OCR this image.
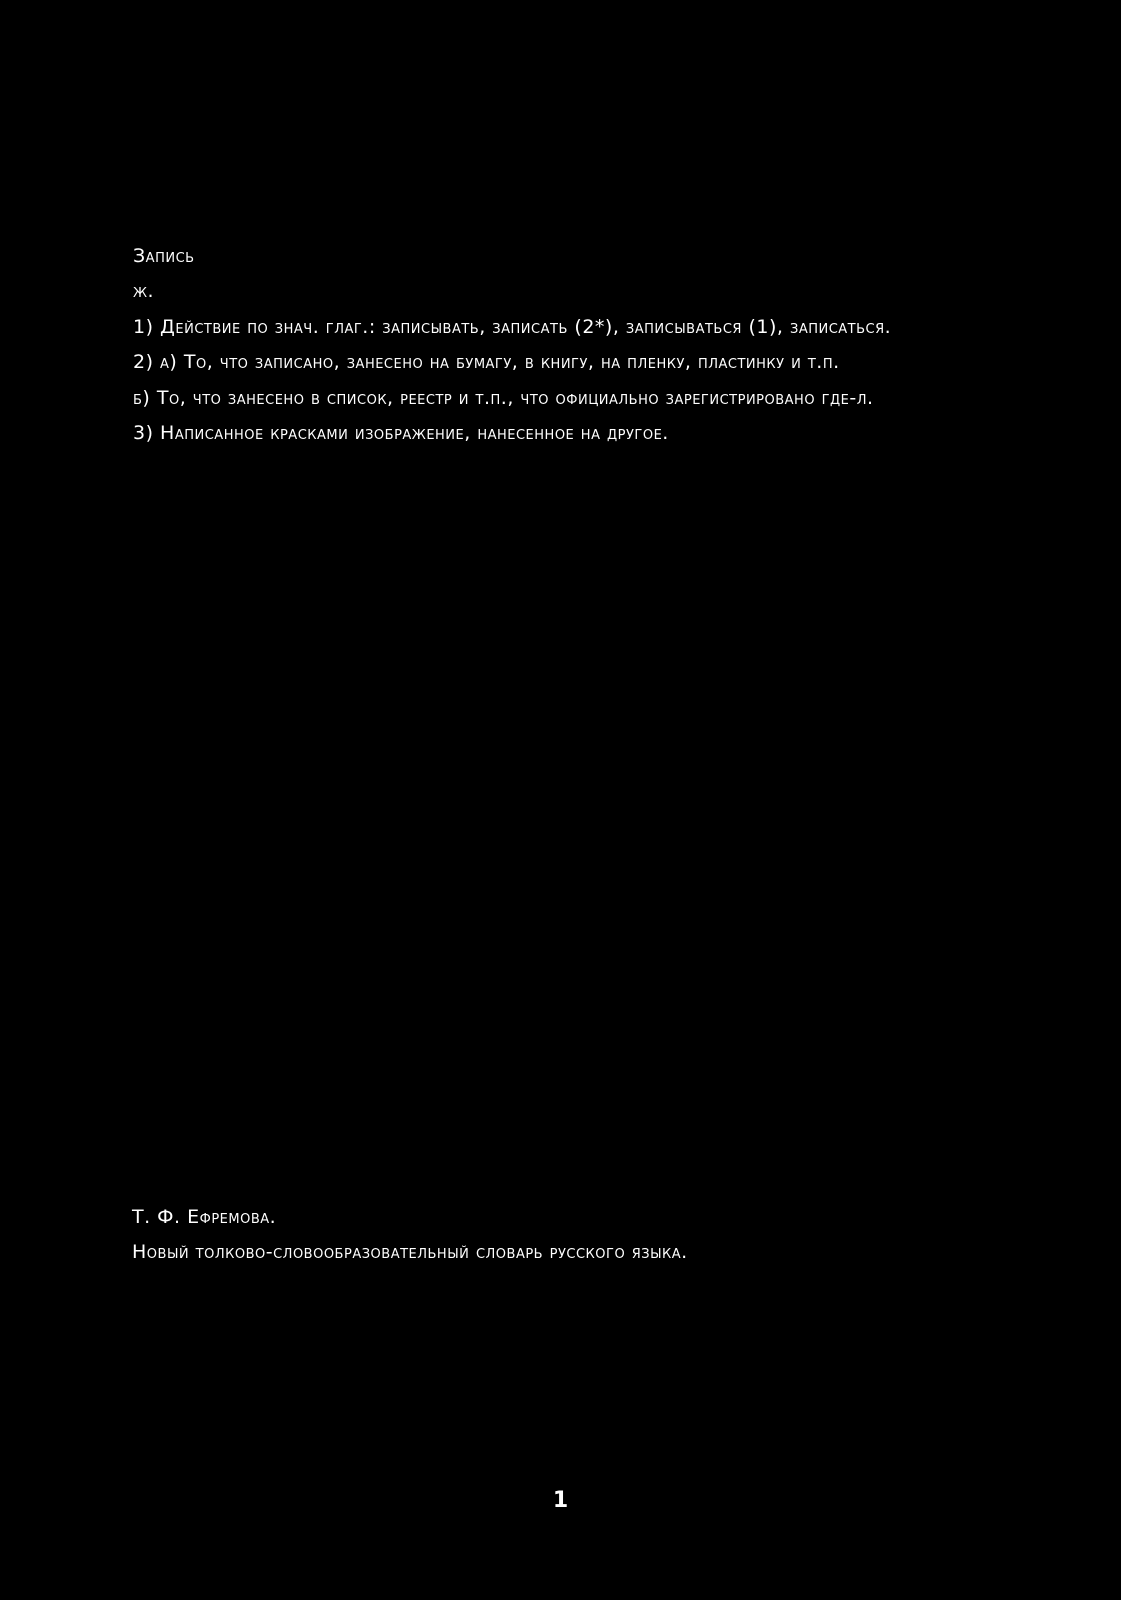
Запись
ж.
1) Действие по знач. глаг.: записывать, записать (2*), записываться (1), записаться.
2) а) То, что записано, занесено на бумагу, в книгу, на пленку, пластинку и т.п.
б) То, что занесено в список, реестр и т.п., что официально зарегистрировано где-л.
3) Написанное красками изображение, нанесенное на другое.
Т. Ф. Ефремова.
Новый толково-словообразовательный словарь русского языка.
1
